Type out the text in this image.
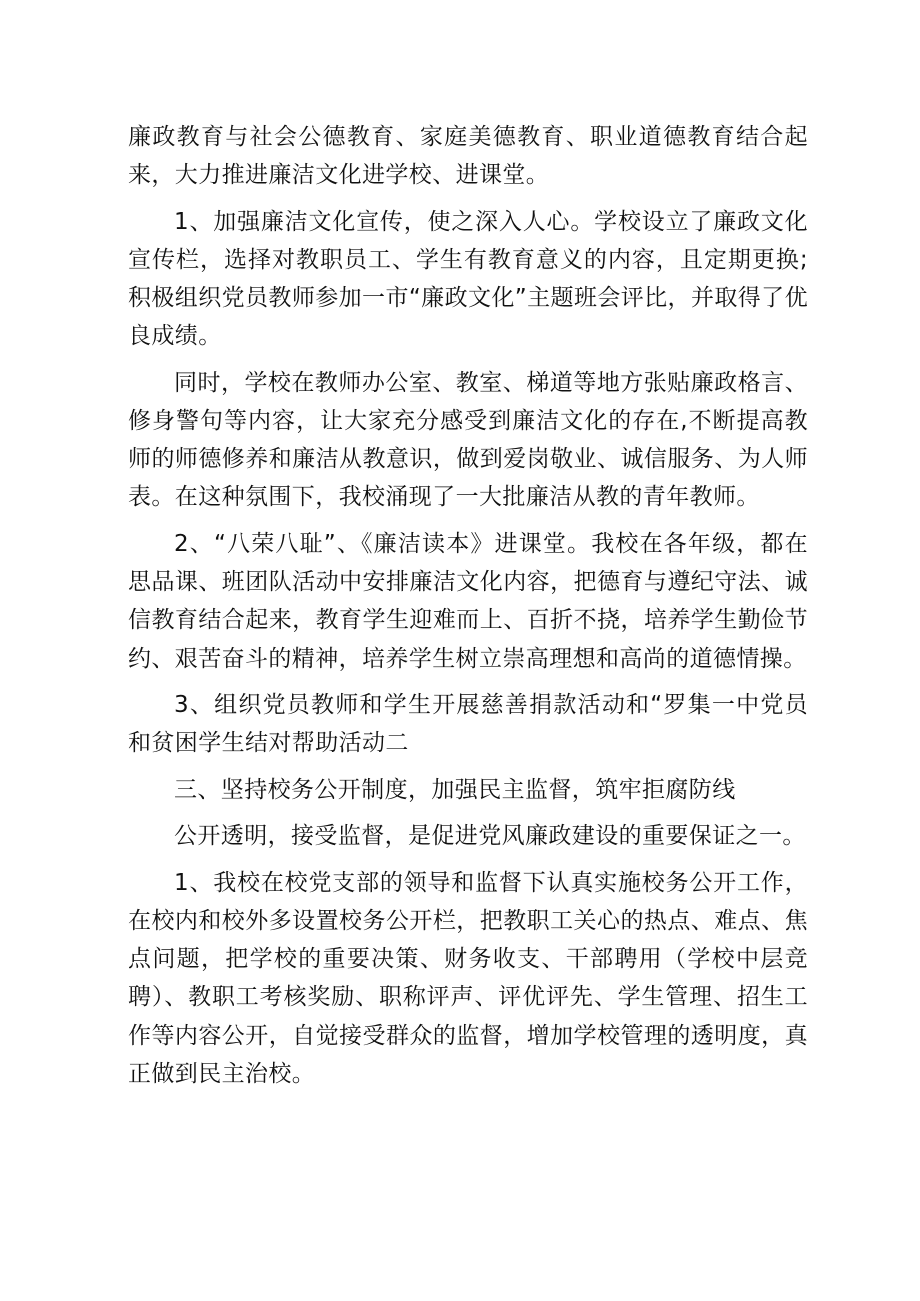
廉政教育与社会公德教育、家庭美德教育、职业道德教育结合起来，大力推进廉洁文化进学校、进课堂。

1、加强廉洁文化宣传，使之深入人心。学校设立了廉政文化宣传栏，选择对教职员工、学生有教育意义的内容，且定期更换;积极组织党员教师参加一市“廉政文化”主题班会评比，并取得了优良成绩。

同时，学校在教师办公室、教室、梯道等地方张贴廉政格言、修身警句等内容，让大家充分感受到廉洁文化的存在,不断提高教师的师德修养和廉洁从教意识，做到爱岗敬业、诚信服务、为人师表。在这种氛围下，我校涌现了一大批廉洁从教的青年教师。

2、“八荣八耻”、《廉洁读本》进课堂。我校在各年级，都在思品课、班团队活动中安排廉洁文化内容，把德育与遵纪守法、诚信教育结合起来，教育学生迎难而上、百折不挠，培养学生勤俭节约、艰苦奋斗的精神，培养学生树立崇高理想和高尚的道德情操。

3、组织党员教师和学生开展慈善捐款活动和“罗集一中党员和贫困学生结对帮助活动二

三、坚持校务公开制度，加强民主监督，筑牢拒腐防线

公开透明，接受监督，是促进党风廉政建设的重要保证之一。

1、我校在校党支部的领导和监督下认真实施校务公开工作，在校内和校外多设置校务公开栏，把教职工关心的热点、难点、焦点问题，把学校的重要决策、财务收支、干部聘用（学校中层竞聘）、教职工考核奖励、职称评声、评优评先、学生管理、招生工作等内容公开，自觉接受群众的监督，增加学校管理的透明度，真正做到民主治校。
